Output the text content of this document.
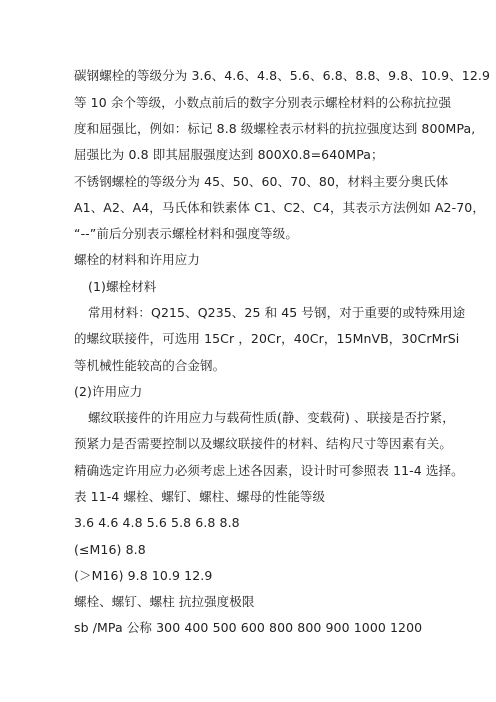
碳钢螺栓的等级分为 3.6、4.6、4.8、5.6、6.8、8.8、9.8、10.9、12.9
等 10 余个等级，小数点前后的数字分别表示螺栓材料的公称抗拉强
度和屈强比，例如：标记 8.8 级螺栓表示材料的抗拉强度达到 800MPa,
屈强比为 0.8 即其屈服强度达到 800X0.8=640MPa；
不锈钢螺栓的等级分为 45、50、60、70、80，材料主要分奥氏体
A1、A2、A4，马氏体和铁素体 C1、C2、C4，其表示方法例如 A2-70，
“--”前后分别表示螺栓材料和强度等级。
螺栓的材料和许用应力
(1)螺栓材料
常用材料：Q215、Q235、25 和 45 号钢，对于重要的或特殊用途
的螺纹联接件，可选用 15Cr ，20Cr，40Cr，15MnVB，30CrMrSi
等机械性能较高的合金钢。
(2)许用应力
螺纹联接件的许用应力与载荷性质(静、变载荷) 、联接是否拧紧，
预紧力是否需要控制以及螺纹联接件的材料、结构尺寸等因素有关。
精确选定许用应力必须考虑上述各因素，设计时可参照表 11-4 选择。
表 11-4 螺栓、螺钉、螺柱、螺母的性能等级
3.6 4.6 4.8 5.6 5.8 6.8 8.8
(≤M16) 8.8
(＞M16) 9.8 10.9 12.9
螺栓、螺钉、螺柱 抗拉强度极限
sb /MPa 公称 300 400 500 600 800 800 900 1000 1200
